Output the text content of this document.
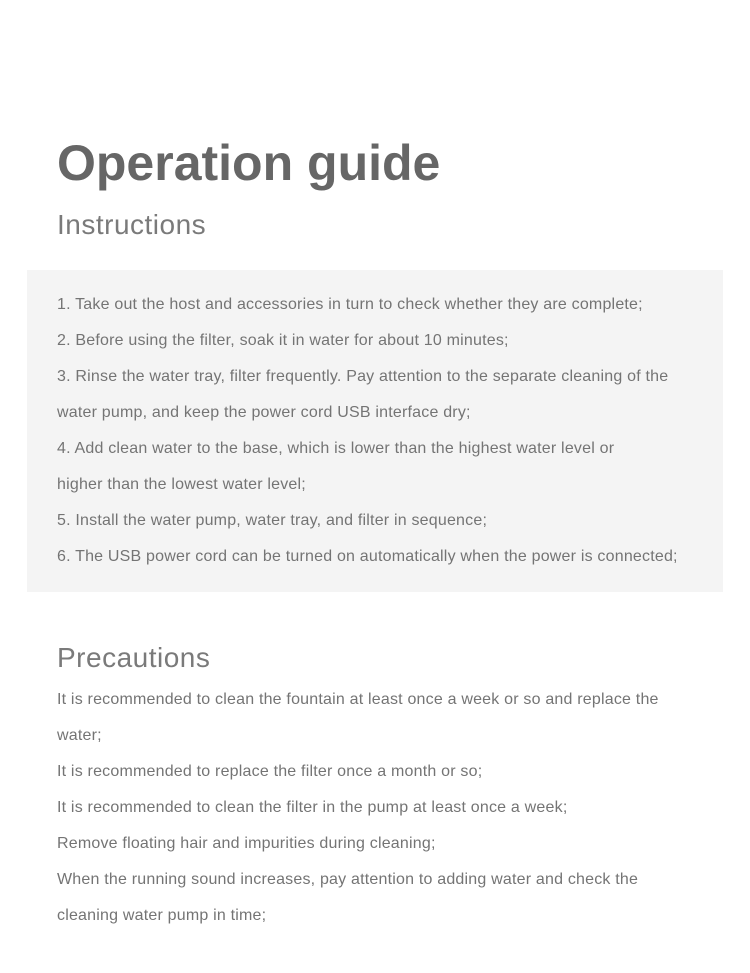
Operation guide
Instructions
1. Take out the host and accessories in turn to check whether they are complete;
2. Before using the filter, soak it in water for about 10 minutes;
3. Rinse the water tray, filter frequently. Pay attention to the separate cleaning of the
water pump, and keep the power cord USB interface dry;
4. Add clean water to the base, which is lower than the highest water level or
higher than the lowest water level;
5. Install the water pump, water tray, and filter in sequence;
6. The USB power cord can be turned on automatically when the power is connected;
Precautions
It is recommended to clean the fountain at least once a week or so and replace the
water;
It is recommended to replace the filter once a month or so;
It is recommended to clean the filter in the pump at least once a week;
Remove floating hair and impurities during cleaning;
When the running sound increases, pay attention to adding water and check the
cleaning water pump in time;
